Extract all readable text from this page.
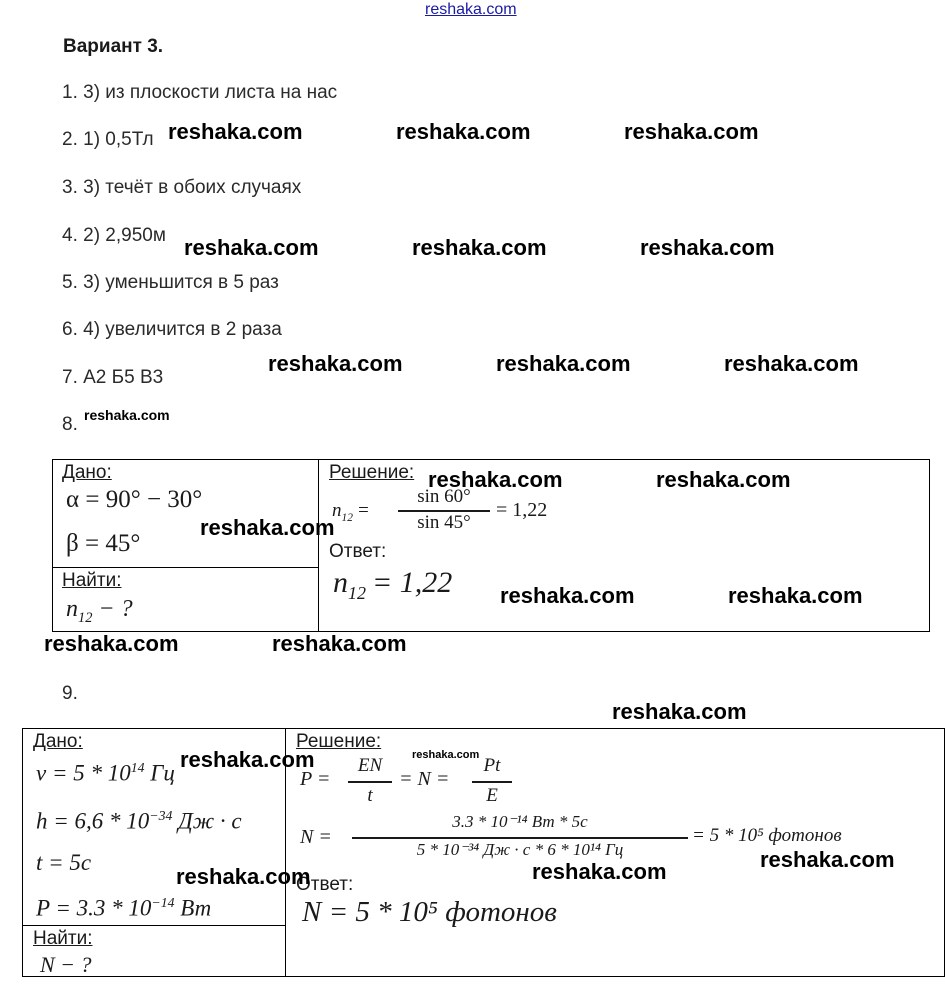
reshaka.com
Вариант 3.
1. 3) из плоскости листа на нас
2. 1) 0,5Тл
3. 3) течёт в обоих случаях
4. 2) 2,950м
5. 3) уменьшится в 5 раз
6. 4) увеличится в 2 раза
7. А2 Б5 В3
8.
Дано:
α = 90° − 30°
β = 45°
Найти:
$n_{12}$ − ?
Решение:
$n_{12}$ =
sin 60°
sin 45°
= 1,22
Ответ:
$n_{12} = 1,22$
9.
Дано:
$\nu = 5 * 10^{14}$ Гц
$h = 6,6 * 10^{-34}$ Дж · с
t = 5c
$P = 3.3 * 10^{-14}$ Вт
Найти:
N − ?
Решение:
P =
EN
t
= N =
Pt
E
N =
3.3 * 10⁻¹⁴ Вт * 5с
5 * 10⁻³⁴ Дж · с * 6 * 10¹⁴ Гц
= 5 * 10⁵ фотонов
Ответ:
N = 5 * 10⁵ фотонов
reshaka.com	reshaka.com	reshaka.com
reshaka.com	reshaka.com	reshaka.com
reshaka.com	reshaka.com	reshaka.com
reshaka.com
reshaka.com	reshaka.com
reshaka.com
reshaka.com	reshaka.com
reshaka.com	reshaka.com
reshaka.com
reshaka.com
reshaka.com
reshaka.com
reshaka.com
reshaka.com
